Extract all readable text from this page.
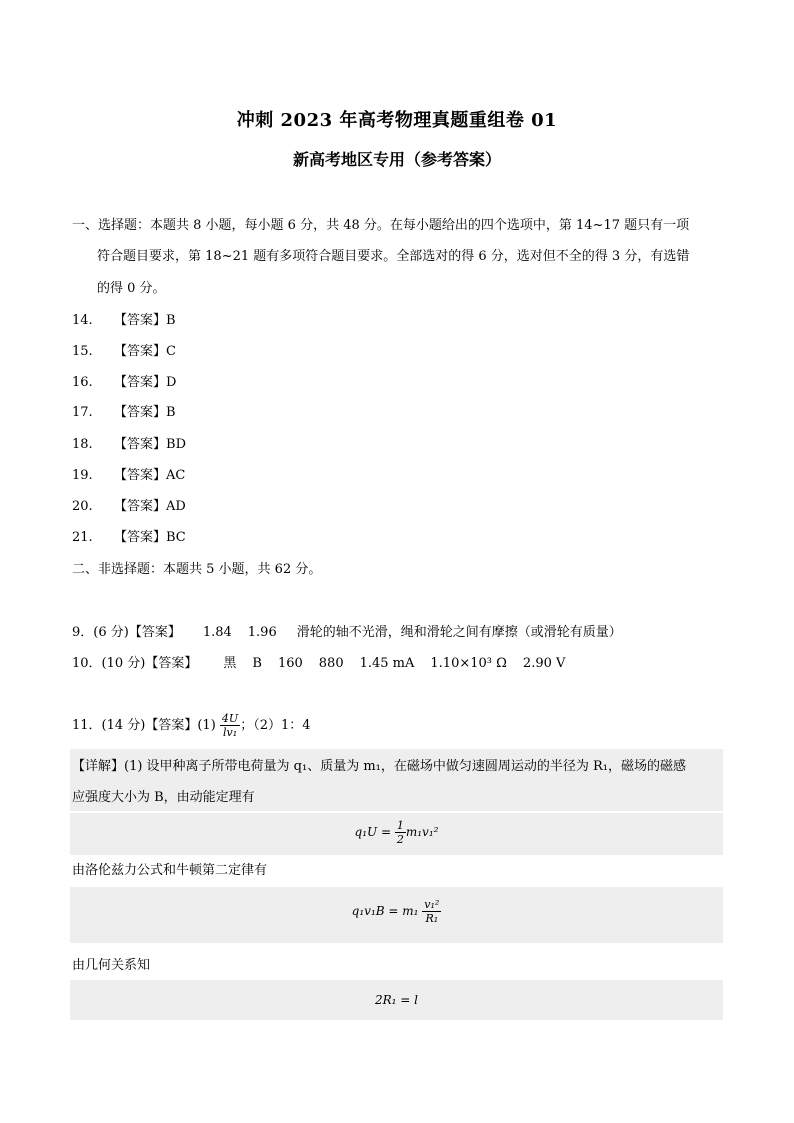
冲刺 2023 年高考物理真题重组卷 01
新高考地区专用（参考答案）
一、选择题：本题共 8 小题，每小题 6 分，共 48 分。在每小题给出的四个选项中，第 14~17 题只有一项
符合题目要求，第 18~21 题有多项符合题目要求。全部选对的得 6 分，选对但不全的得 3 分，有选错
的得 0 分。
14. 【答案】B
15. 【答案】C
16. 【答案】D
17. 【答案】B
18. 【答案】BD
19. 【答案】AC
20. 【答案】AD
21. 【答案】BC
二、非选择题：本题共 5 小题，共 62 分。
9．(6 分)【答案】 1.84 1.96 滑轮的轴不光滑，绳和滑轮之间有摩擦（或滑轮有质量）
10．(10 分)【答案】 黑 B 160 880 1.45 mA 1.10×10³ Ω 2.90 V
11．(14 分)【答案】$(1) \frac{4U}{\text{lv₁}}$ ；（2）1：4
【详解】(1) 设甲种离子所带电荷量为 q₁、质量为 m₁，在磁场中做匀速圆周运动的半径为 R₁，磁场的磁感
应强度大小为 B，由动能定理有
$q_1U = \frac{1}{2} m_1v_1^2$
由洛伦兹力公式和牛顿第二定律有
$q_1v_1B = m_1 \frac{\text{v₁²}}{\text{R₁}}$
由几何关系知
2R₁ = l
